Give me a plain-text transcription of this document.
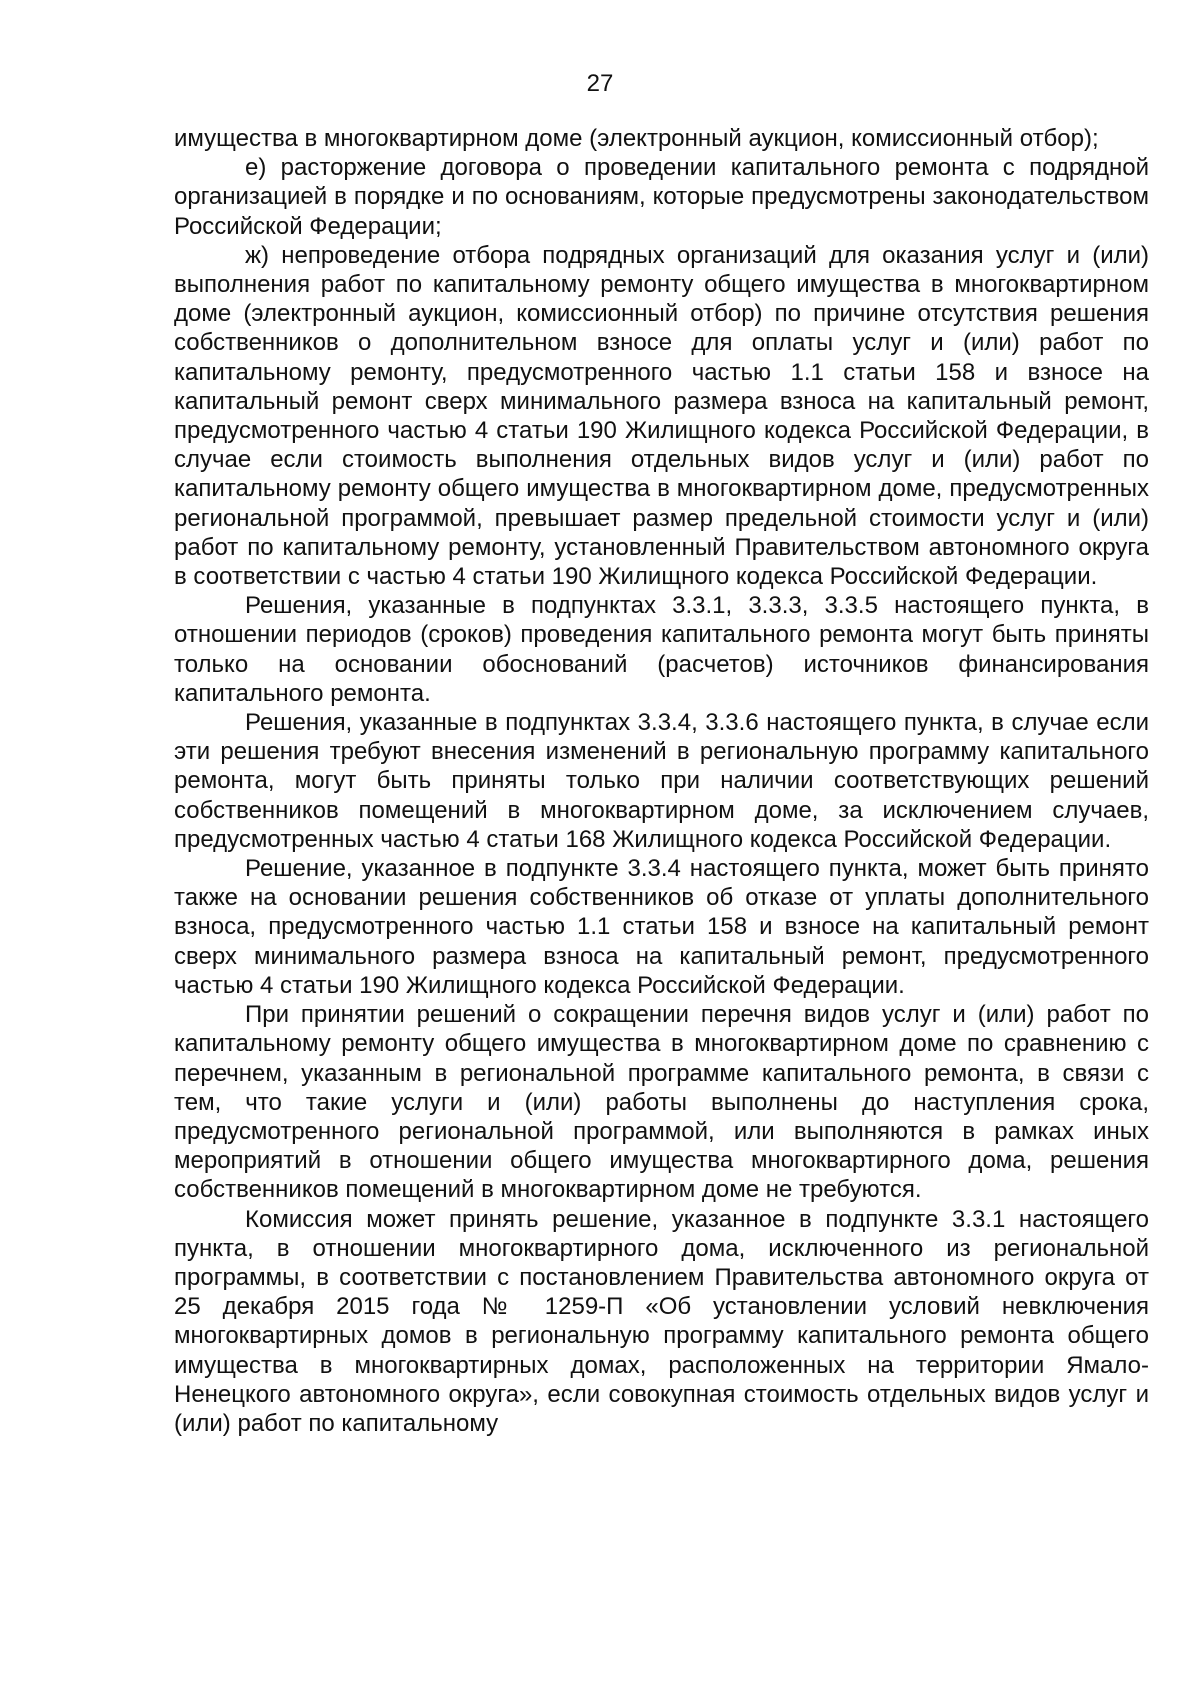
27

имущества в многоквартирном доме (электронный аукцион, комиссионный отбор);

е) расторжение договора о проведении капитального ремонта с подрядной организацией в порядке и по основаниям, которые предусмотрены законодательством Российской Федерации;

ж) непроведение отбора подрядных организаций для оказания услуг и (или) выполнения работ по капитальному ремонту общего имущества в многоквартирном доме (электронный аукцион, комиссионный отбор) по причине отсутствия решения собственников о дополнительном взносе для оплаты услуг и (или) работ по капитальному ремонту, предусмотренного частью 1.1 статьи 158 и взносе на капитальный ремонт сверх минимального размера взноса на капитальный ремонт, предусмотренного частью 4 статьи 190 Жилищного кодекса Российской Федерации, в случае если стоимость выполнения отдельных видов услуг и (или) работ по капитальному ремонту общего имущества в многоквартирном доме, предусмотренных региональной программой, превышает размер предельной стоимости услуг и (или) работ по капитальному ремонту, установленный Правительством автономного округа в соответствии с частью 4 статьи 190 Жилищного кодекса Российской Федерации.

Решения, указанные в подпунктах 3.3.1, 3.3.3, 3.3.5 настоящего пункта, в отношении периодов (сроков) проведения капитального ремонта могут быть приняты только на основании обоснований (расчетов) источников финансирования капитального ремонта.

Решения, указанные в подпунктах 3.3.4, 3.3.6 настоящего пункта, в случае если эти решения требуют внесения изменений в региональную программу капитального ремонта, могут быть приняты только при наличии соответствующих решений собственников помещений в многоквартирном доме, за исключением случаев, предусмотренных частью 4 статьи 168 Жилищного кодекса Российской Федерации.

Решение, указанное в подпункте 3.3.4 настоящего пункта, может быть принято также на основании решения собственников об отказе от уплаты дополнительного взноса, предусмотренного частью 1.1 статьи 158 и взносе на капитальный ремонт сверх минимального размера взноса на капитальный ремонт, предусмотренного частью 4 статьи 190 Жилищного кодекса Российской Федерации.

При принятии решений о сокращении перечня видов услуг и (или) работ по капитальному ремонту общего имущества в многоквартирном доме по сравнению с перечнем, указанным в региональной программе капитального ремонта, в связи с тем, что такие услуги и (или) работы выполнены до наступления срока, предусмотренного региональной программой, или выполняются в рамках иных мероприятий в отношении общего имущества многоквартирного дома, решения собственников помещений в многоквартирном доме не требуются.

Комиссия может принять решение, указанное в подпункте 3.3.1 настоящего пункта, в отношении многоквартирного дома, исключенного из региональной программы, в соответствии с постановлением Правительства автономного округа от 25 декабря 2015 года № 1259-П «Об установлении условий невключения многоквартирных домов в региональную программу капитального ремонта общего имущества в многоквартирных домах, расположенных на территории Ямало-Ненецкого автономного округа», если совокупная стоимость отдельных видов услуг и (или) работ по капитальному
